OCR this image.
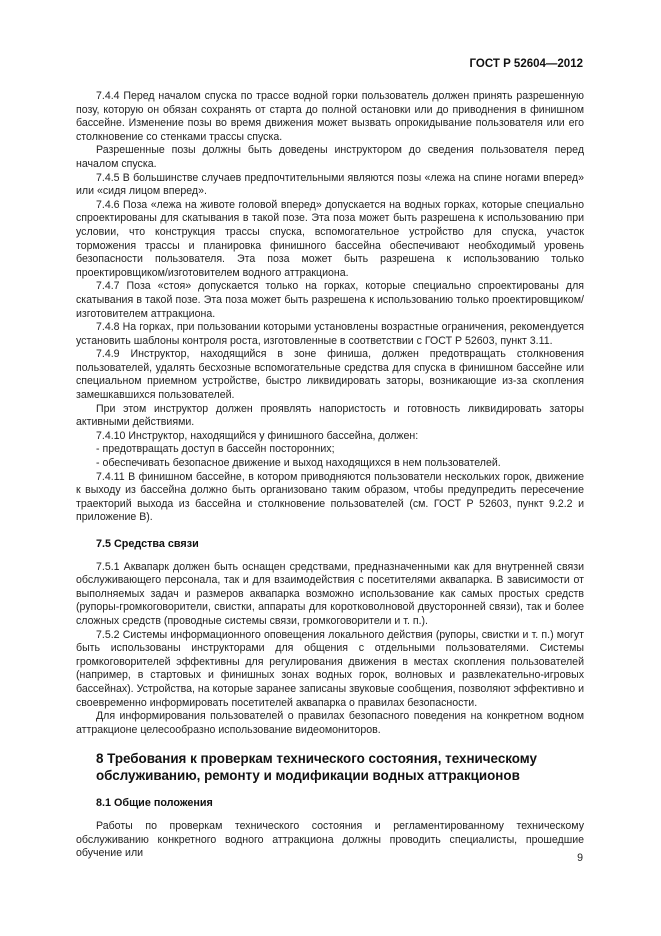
ГОСТ Р 52604—2012

7.4.4 Перед началом спуска по трассе водной горки пользователь должен принять разрешенную позу, которую он обязан сохранять от старта до полной остановки или до приводнения в финишном бассейне. Изменение позы во время движения может вызвать опрокидывание пользователя или его столкновение со стенками трассы спуска.

Разрешенные позы должны быть доведены инструктором до сведения пользователя перед началом спуска.

7.4.5 В большинстве случаев предпочтительными являются позы «лежа на спине ногами вперед» или «сидя лицом вперед».

7.4.6 Поза «лежа на животе головой вперед» допускается на водных горках, которые специально спроектированы для скатывания в такой позе. Эта поза может быть разрешена к использованию при условии, что конструкция трассы спуска, вспомогательное устройство для спуска, участок торможения трассы и планировка финишного бассейна обеспечивают необходимый уровень безопасности пользователя. Эта поза может быть разрешена к использованию только проектировщиком/изготовителем водного аттракциона.

7.4.7 Поза «стоя» допускается только на горках, которые специально спроектированы для скатывания в такой позе. Эта поза может быть разрешена к использованию только проектировщиком/изготовителем аттракциона.

7.4.8 На горках, при пользовании которыми установлены возрастные ограничения, рекомендуется установить шаблоны контроля роста, изготовленные в соответствии с ГОСТ Р 52603, пункт 3.11.

7.4.9 Инструктор, находящийся в зоне финиша, должен предотвращать столкновения пользователей, удалять бесхозные вспомогательные средства для спуска в финишном бассейне или специальном приемном устройстве, быстро ликвидировать заторы, возникающие из-за скопления замешкавшихся пользователей.

При этом инструктор должен проявлять напористость и готовность ликвидировать заторы активными действиями.

7.4.10 Инструктор, находящийся у финишного бассейна, должен:

- предотвращать доступ в бассейн посторонних;

- обеспечивать безопасное движение и выход находящихся в нем пользователей.

7.4.11 В финишном бассейне, в котором приводняются пользователи нескольких горок, движение к выходу из бассейна должно быть организовано таким образом, чтобы предупредить пересечение траекторий выхода из бассейна и столкновение пользователей (см. ГОСТ Р 52603, пункт 9.2.2 и приложение В).

7.5 Средства связи

7.5.1 Аквапарк должен быть оснащен средствами, предназначенными как для внутренней связи обслуживающего персонала, так и для взаимодействия с посетителями аквапарка. В зависимости от выполняемых задач и размеров аквапарка возможно использование как самых простых средств (рупоры-громкоговорители, свистки, аппараты для коротковолновой двусторонней связи), так и более сложных средств (проводные системы связи, громкоговорители и т. п.).

7.5.2 Системы информационного оповещения локального действия (рупоры, свистки и т. п.) могут быть использованы инструкторами для общения с отдельными пользователями. Системы громкоговорителей эффективны для регулирования движения в местах скопления пользователей (например, в стартовых и финишных зонах водных горок, волновых и развлекательно-игровых бассейнах). Устройства, на которые заранее записаны звуковые сообщения, позволяют эффективно и своевременно информировать посетителей аквапарка о правилах безопасности.

Для информирования пользователей о правилах безопасного поведения на конкретном водном аттракционе целесообразно использование видеомониторов.

8 Требования к проверкам технического состояния, техническому обслуживанию, ремонту и модификации водных аттракционов
8.1 Общие положения

Работы по проверкам технического состояния и регламентированному техническому обслуживанию конкретного водного аттракциона должны проводить специалисты, прошедшие обучение или	9
